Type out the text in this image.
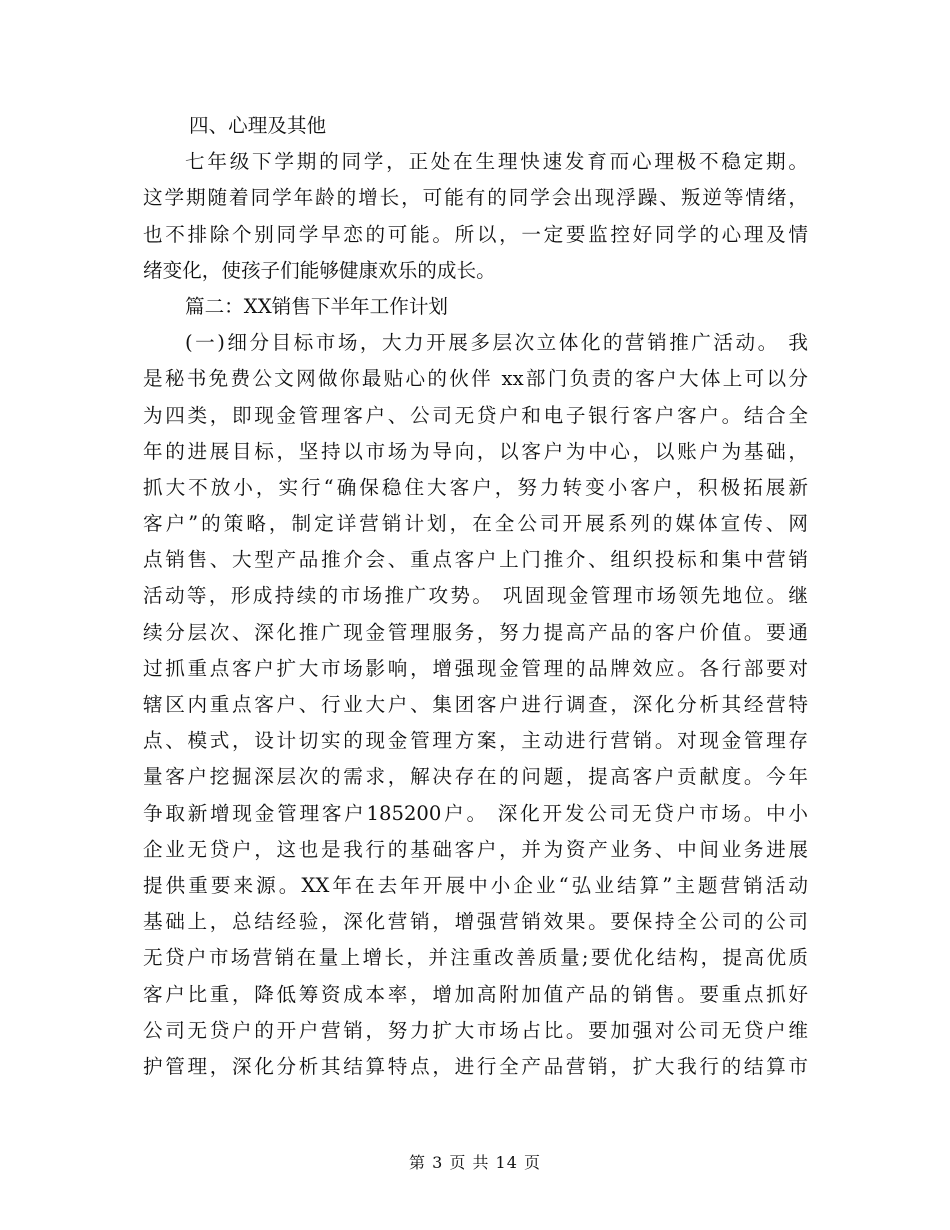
四、心理及其他
七年级下学期的同学，正处在生理快速发育而心理极不稳定期。
这学期随着同学年龄的增长，可能有的同学会出现浮躁、叛逆等情绪，
也不排除个别同学早恋的可能。所以，一定要监控好同学的心理及情
绪变化，使孩子们能够健康欢乐的成长。
篇二：XX销售下半年工作计划
(一)细分目标市场，大力开展多层次立体化的营销推广活动。 我
是秘书免费公文网做你最贴心的伙伴 xx部门负责的客户大体上可以分
为四类，即现金管理客户、公司无贷户和电子银行客户客户。结合全
年的进展目标，坚持以市场为导向，以客户为中心，以账户为基础，
抓大不放小，实行“确保稳住大客户，努力转变小客户，积极拓展新
客户”的策略，制定详营销计划，在全公司开展系列的媒体宣传、网
点销售、大型产品推介会、重点客户上门推介、组织投标和集中营销
活动等，形成持续的市场推广攻势。 巩固现金管理市场领先地位。继
续分层次、深化推广现金管理服务，努力提高产品的客户价值。要通
过抓重点客户扩大市场影响，增强现金管理的品牌效应。各行部要对
辖区内重点客户、行业大户、集团客户进行调查，深化分析其经营特
点、模式，设计切实的现金管理方案，主动进行营销。对现金管理存
量客户挖掘深层次的需求，解决存在的问题，提高客户贡献度。今年
争取新增现金管理客户185200户。 深化开发公司无贷户市场。中小
企业无贷户，这也是我行的基础客户，并为资产业务、中间业务进展
提供重要来源。XX年在去年开展中小企业“弘业结算”主题营销活动
基础上，总结经验，深化营销，增强营销效果。要保持全公司的公司
无贷户市场营销在量上增长，并注重改善质量;要优化结构，提高优质
客户比重，降低筹资成本率，增加高附加值产品的销售。要重点抓好
公司无贷户的开户营销，努力扩大市场占比。要加强对公司无贷户维
护管理，深化分析其结算特点，进行全产品营销，扩大我行的结算市
第 3 页 共 14 页
